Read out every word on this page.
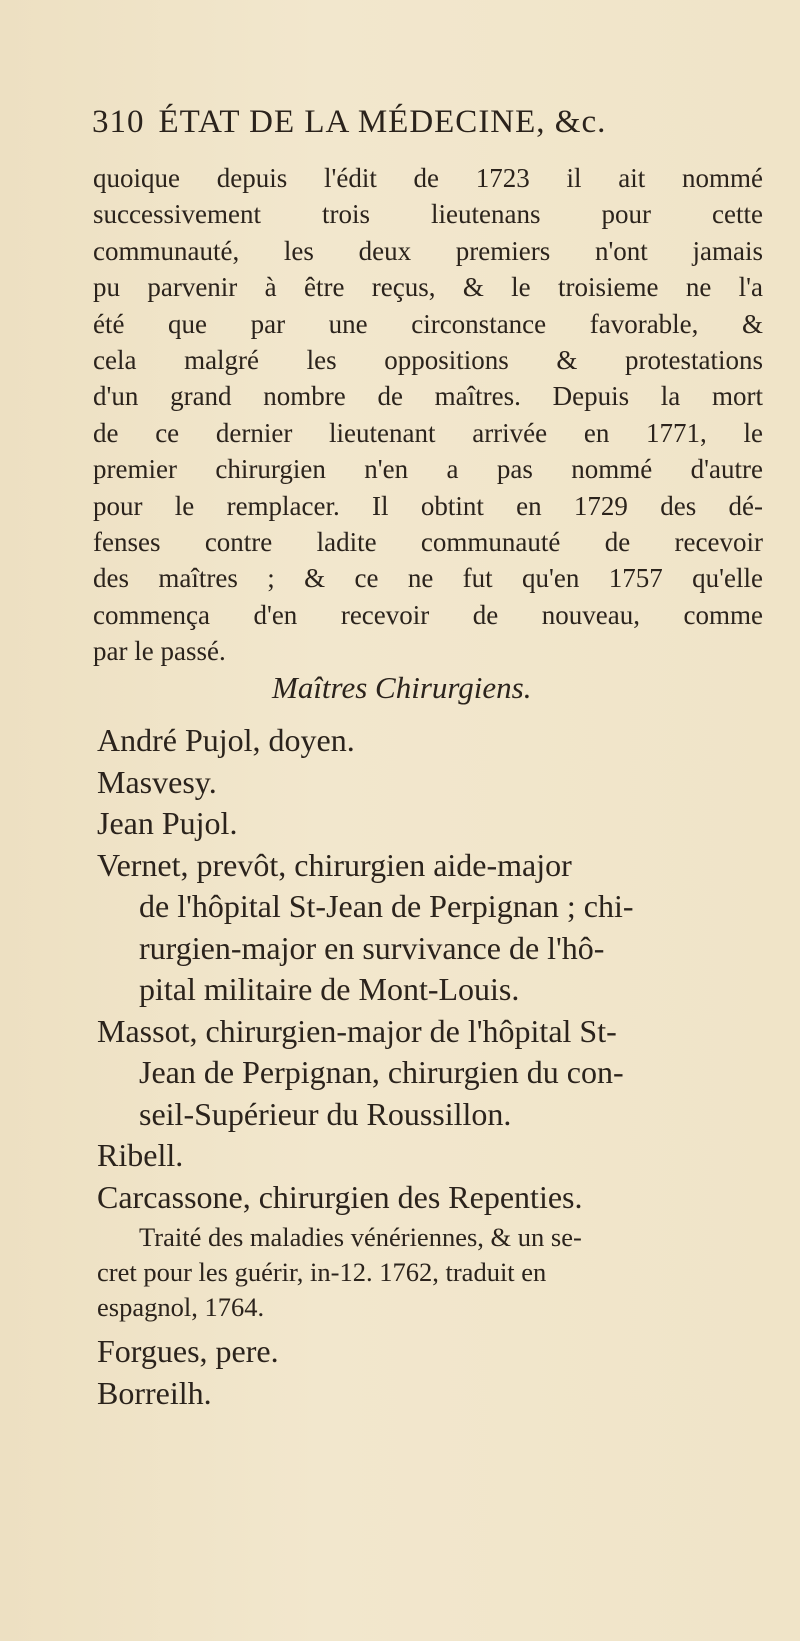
310 ÉTAT DE LA MÉDECINE, &c.
quoique depuis l'édit de 1723 il ait nommé
successivement trois lieutenans pour cette
communauté, les deux premiers n'ont jamais
pu parvenir à être reçus, & le troisieme ne l'a
été que par une circonstance favorable, &
cela malgré les oppositions & protestations
d'un grand nombre de maîtres. Depuis la mort
de ce dernier lieutenant arrivée en 1771, le
premier chirurgien n'en a pas nommé d'autre
pour le remplacer. Il obtint en 1729 des dé-
fenses contre ladite communauté de recevoir
des maîtres ; & ce ne fut qu'en 1757 qu'elle
commença d'en recevoir de nouveau, comme
par le passé.
Maîtres Chirurgiens.
André Pujol, doyen.
Masvesy.
Jean Pujol.
Vernet, prevôt, chirurgien aide-major
de l'hôpital St-Jean de Perpignan ; chi-
rurgien-major en survivance de l'hô-
pital militaire de Mont-Louis.
Massot, chirurgien-major de l'hôpital St-
Jean de Perpignan, chirurgien du con-
seil-Supérieur du Roussillon.
Ribell.
Carcassone, chirurgien des Repenties.
Traité des maladies vénériennes, & un se-
cret pour les guérir, in-12. 1762, traduit en
espagnol, 1764.
Forgues, pere.
Borreilh.
